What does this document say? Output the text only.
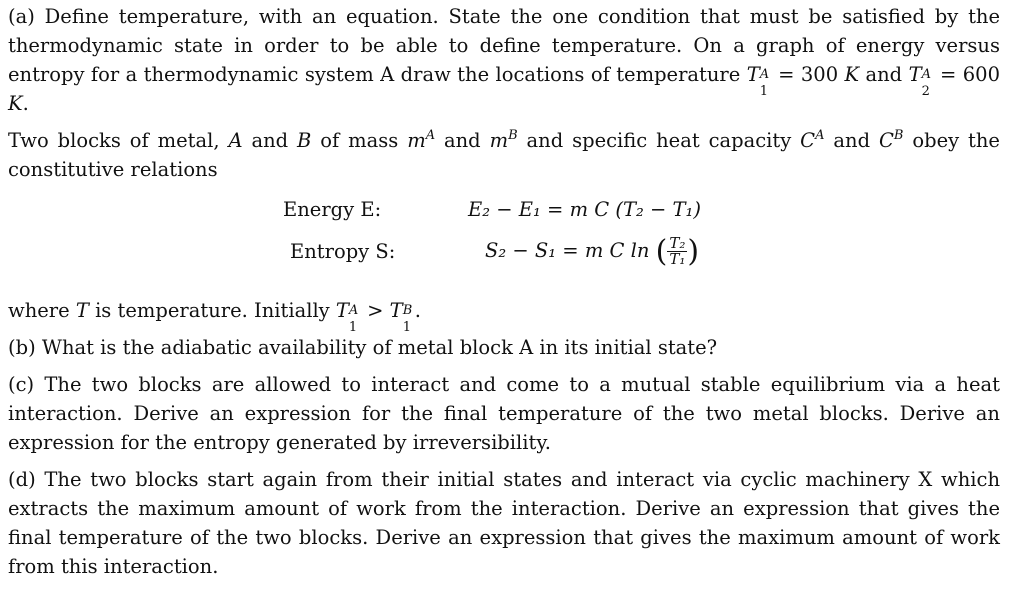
(a) Define temperature, with an equation. State the one condition that must be satisfied by the thermodynamic state in order to be able to define temperature. On a graph of energy versus entropy for a thermodynamic system A draw the locations of temperature T A
1
= 300 K and T A
2
= 600 K.

Two blocks of metal, A and B of mass $m^A$ and $m^B$ and specific heat capacity $C^A$ and $C^B$ obey the constitutive relations

Energy E:	E₂ − E₁ = m C (T₂ − T₁)
Entropy S:	S₂ − S₁ = m C ln ( $\frac{\text{T₂}}{\text{T₁}}$ )

where T is temperature. Initially T A
1
> T B
1
.

(b) What is the adiabatic availability of metal block A in its initial state?

(c) The two blocks are allowed to interact and come to a mutual stable equilibrium via a heat interaction. Derive an expression for the final temperature of the two metal blocks. Derive an expression for the entropy generated by irreversibility.

(d) The two blocks start again from their initial states and interact via cyclic machinery X which extracts the maximum amount of work from the interaction. Derive an expression that gives the final temperature of the two blocks. Derive an expression that gives the maximum amount of work from this interaction.
